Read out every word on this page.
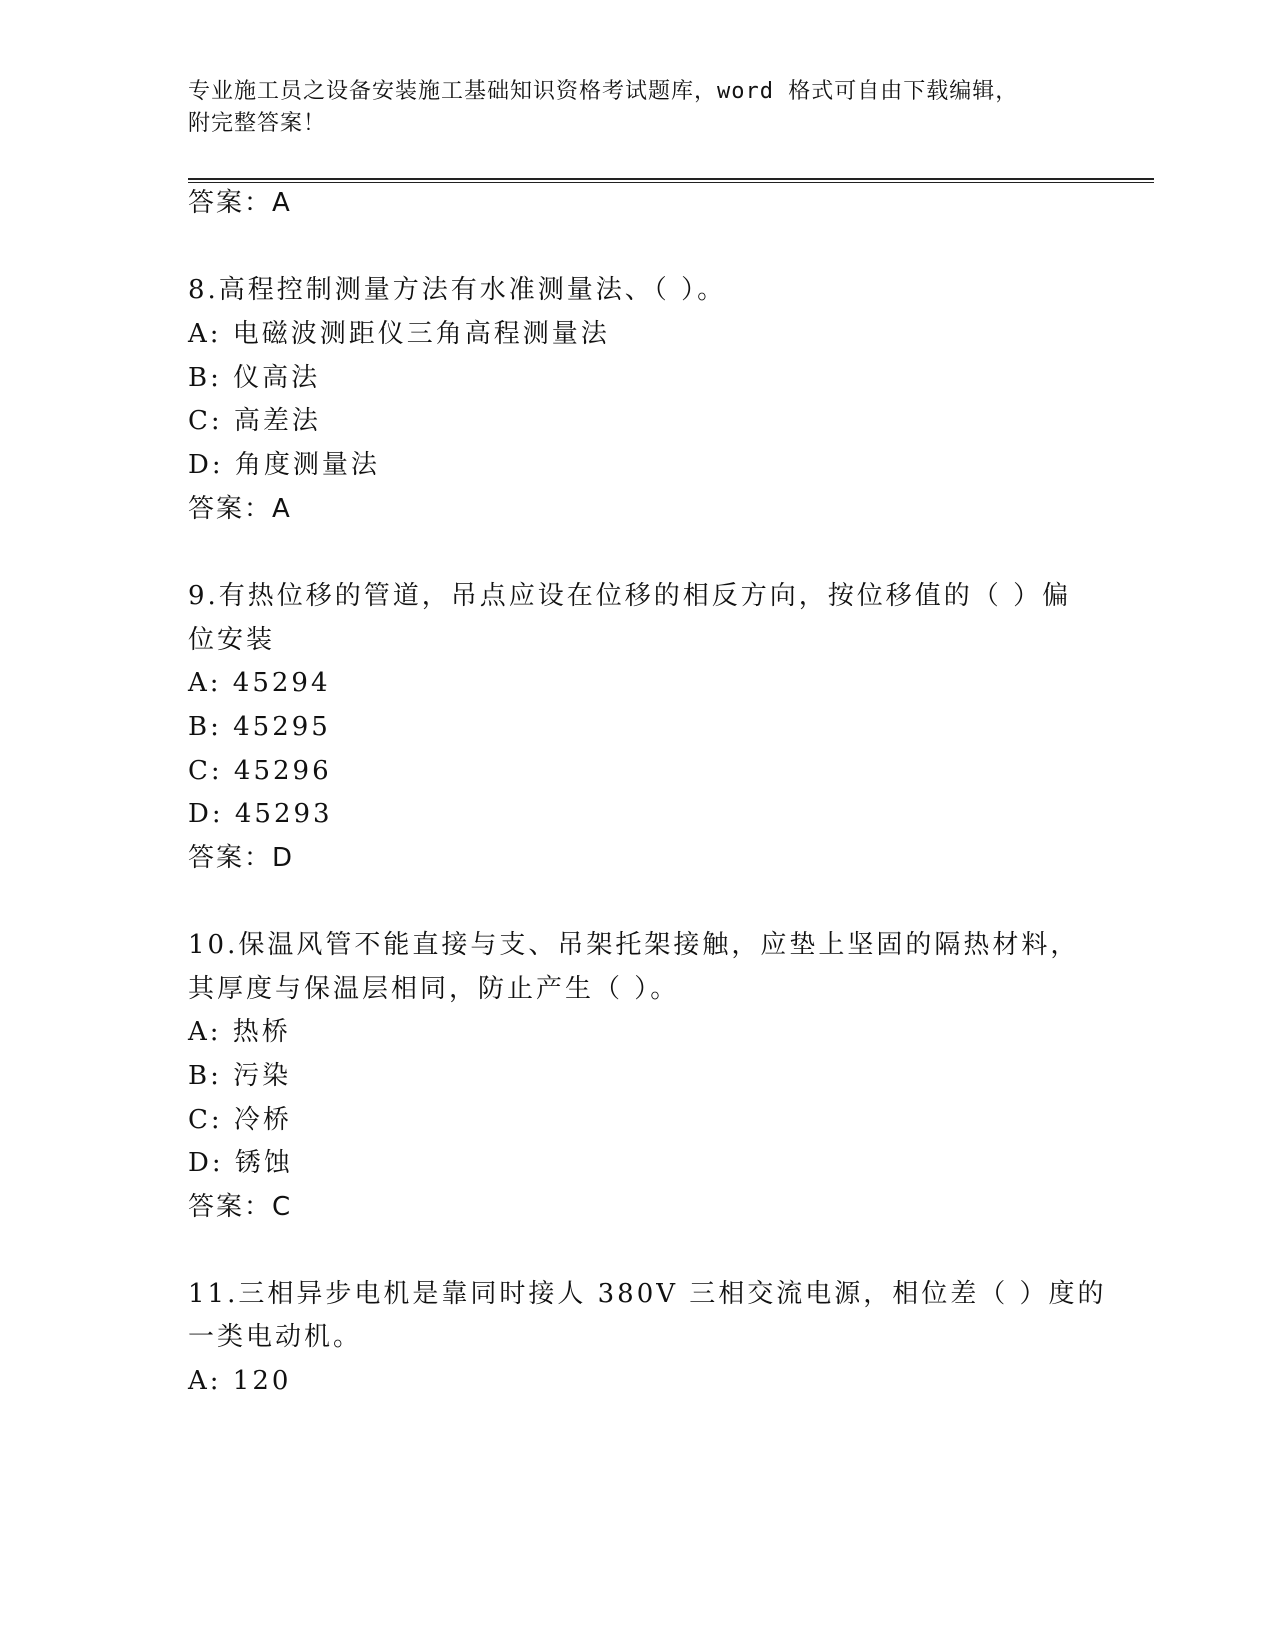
专业施工员之设备安装施工基础知识资格考试题库，word 格式可自由下载编辑，
附完整答案！
答案：A
8.高程控制测量方法有水准测量法、（ ）。
A: 电磁波测距仪三角高程测量法
B: 仪高法
C: 高差法
D: 角度测量法
答案：A
9.有热位移的管道，吊点应设在位移的相反方向，按位移值的（ ）偏
位安装
A: 45294
B: 45295
C: 45296
D: 45293
答案：D
10.保温风管不能直接与支、吊架托架接触，应垫上坚固的隔热材料，
其厚度与保温层相同，防止产生（ ）。
A: 热桥
B: 污染
C: 冷桥
D: 锈蚀
答案：C
11.三相异步电机是靠同时接人 380V 三相交流电源，相位差（ ）度的
一类电动机。
A: 120
